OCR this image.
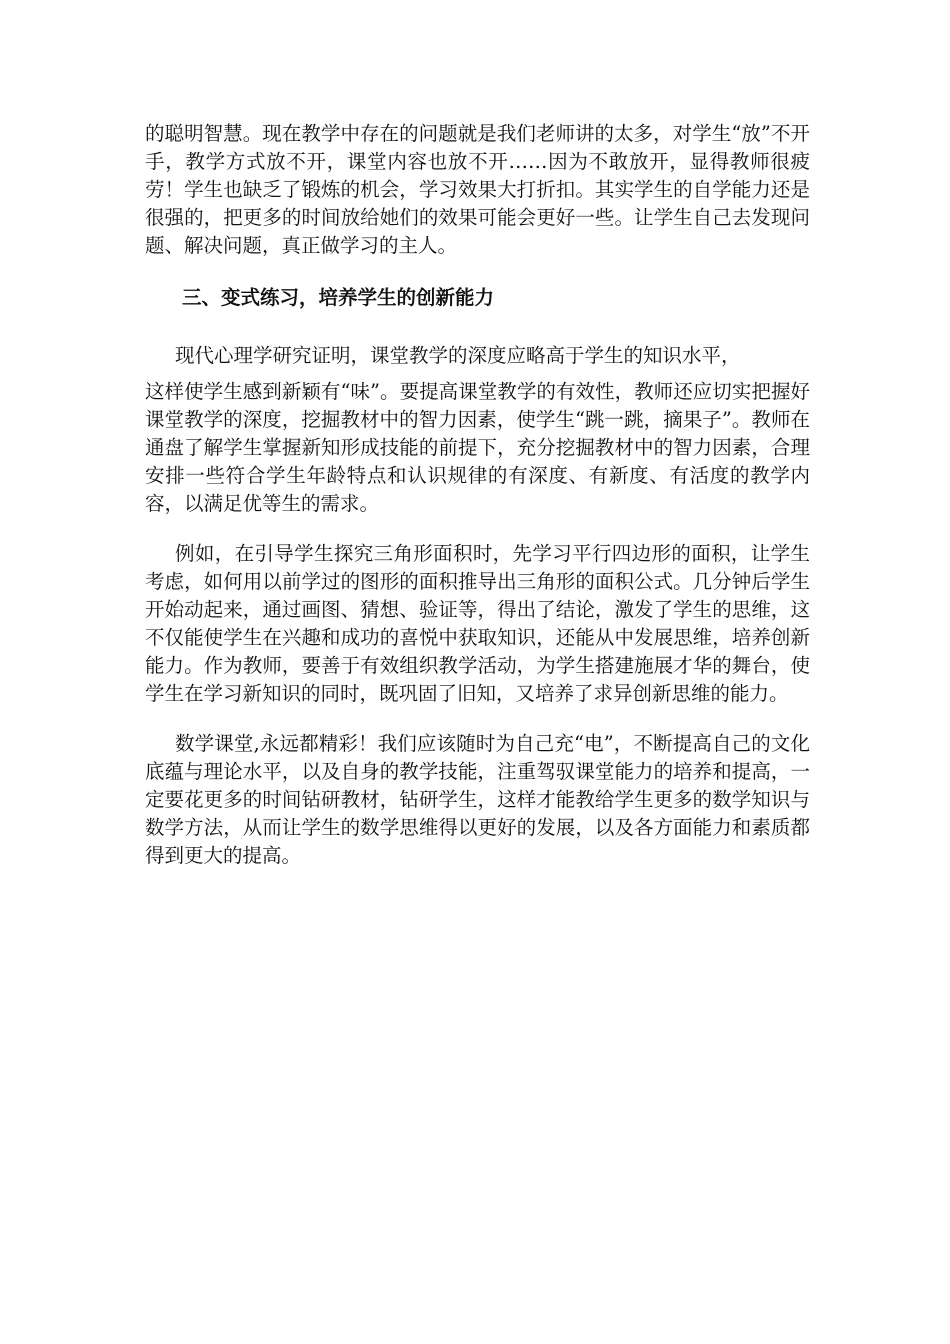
的聪明智慧。现在教学中存在的问题就是我们老师讲的太多，对学生“放”不开手，教学方式放不开，课堂内容也放不开……因为不敢放开，显得教师很疲劳！学生也缺乏了锻炼的机会，学习效果大打折扣。其实学生的自学能力还是很强的，把更多的时间放给她们的效果可能会更好一些。让学生自己去发现问题、解决问题，真正做学习的主人。

三、变式练习，培养学生的创新能力

现代心理学研究证明，课堂教学的深度应略高于学生的知识水平，

这样使学生感到新颖有“味”。要提高课堂教学的有效性，教师还应切实把握好课堂教学的深度，挖掘教材中的智力因素，使学生“跳一跳，摘果子”。教师在通盘了解学生掌握新知形成技能的前提下，充分挖掘教材中的智力因素，合理安排一些符合学生年龄特点和认识规律的有深度、有新度、有活度的教学内容，以满足优等生的需求。

例如，在引导学生探究三角形面积时，先学习平行四边形的面积，让学生考虑，如何用以前学过的图形的面积推导出三角形的面积公式。几分钟后学生开始动起来，通过画图、猜想、验证等，得出了结论，激发了学生的思维，这不仅能使学生在兴趣和成功的喜悦中获取知识，还能从中发展思维，培养创新能力。作为教师，要善于有效组织教学活动，为学生搭建施展才华的舞台，使学生在学习新知识的同时，既巩固了旧知，又培养了求异创新思维的能力。

数学课堂,永远都精彩！我们应该随时为自己充“电”，不断提高自己的文化底蕴与理论水平，以及自身的教学技能，注重驾驭课堂能力的培养和提高，一定要花更多的时间钻研教材，钻研学生，这样才能教给学生更多的数学知识与数学方法，从而让学生的数学思维得以更好的发展，以及各方面能力和素质都得到更大的提高。
